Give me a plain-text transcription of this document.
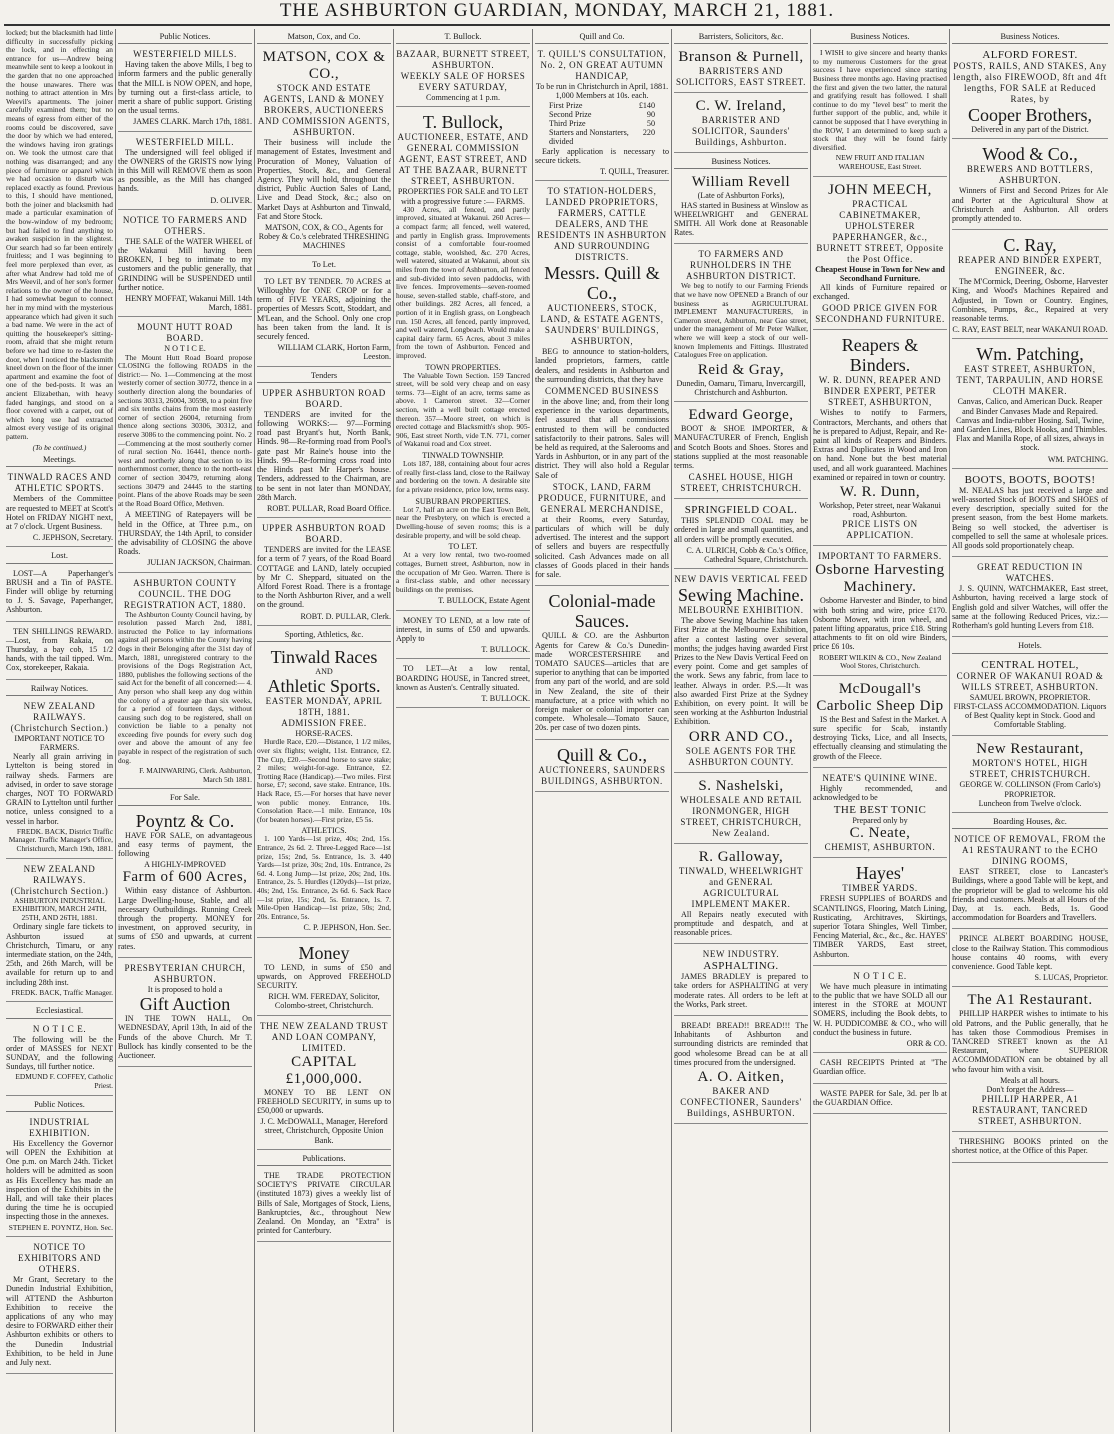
THE ASHBURTON GUARDIAN, MONDAY, MARCH 21, 1881.

locked; but the blacksmith had little difficulty in successfully picking the lock, and in effecting an entrance for us—Andrew being meanwhile sent to keep a lookout in the garden that no one approached the house unawares. There was nothing to attract attention in Mrs Weevil's apartments. The joiner carefully examined them; but no means of egress from either of the rooms could be discovered, save the door by which we had entered, the windows having iron gratings on. We took the utmost care that nothing was disarranged; and any piece of furniture or apparel which we had occasion to disturb was replaced exactly as found. Previous to this, I should have mentioned, both the joiner and blacksmith had made a particular examination of the bow-window of my bedroom; but had failed to find anything to awaken suspicion in the slightest. Our search had so far been entirely fruitless; and I was beginning to feel more perplexed than ever, as after what Andrew had told me of Mrs Weevil, and of her son's former relations to the owner of the house, I had somewhat begun to connect her in my mind with the mysterious appearance which had given it such a bad name. We were in the act of quitting the housekeeper's sitting-room, afraid that she might return before we had time to re-fasten the door, when I noticed the blacksmith kneel down on the floor of the inner apartment and examine the foot of one of the bed-posts. It was an ancient Elizabethan, with heavy faded hangings, and stood on a floor covered with a carpet, out of which long use had extracted almost every vestige of its original pattern.

(To be continued.)
Meetings.
TINWALD RACES AND ATHLETIC SPORTS.

Members of the Committee are requested to MEET at Scott's Hotel on FRIDAY NIGHT next, at 7 o'clock. Urgent Business.

C. JEPHSON, Secretary.
Lost.

LOST—A Paperhanger's BRUSH and a Tin of PASTE. Finder will oblige by returning to J. S. Savage, Paperhanger, Ashburton.

TEN SHILLINGS REWARD.—Lost, from Rakaia, on Thursday, a bay cob, 15 1/2 hands, with the tail tipped. Wm. Cox, storekeeper, Rakaia.

Railway Notices.
NEW ZEALAND RAILWAYS. (Christchurch Section.)
IMPORTANT NOTICE TO FARMERS.

Nearly all grain arriving in Lyttelton is being stored in railway sheds. Farmers are advised, in order to save storage charges, NOT TO FORWARD GRAIN to Lyttelton until further notice, unless consigned to a vessel in harbor.

FREDK. BACK, District Traffic Manager. Traffic Manager's Office, Christchurch, March 19th, 1881.
NEW ZEALAND RAILWAYS. (Christchurch Section.)
ASHBURTON INDUSTRIAL EXHIBITION, MARCH 24TH, 25TH, AND 26TH, 1881.

Ordinary single fare tickets to Ashburton issued at Christchurch, Timaru, or any intermediate station, on the 24th, 25th, and 26th March, will be available for return up to and including 28th inst.

FREDK. BACK, Traffic Manager.
Ecclesiastical.
N O T I C E.

The following will be the order of MASSES for NEXT SUNDAY, and the following Sundays, till further notice.

EDMUND F. COFFEY, Catholic Priest.
Public Notices.
INDUSTRIAL EXHIBITION.

His Excellency the Governor will OPEN the Exhibition at One p.m. on March 24th. Ticket holders will be admitted as soon as His Excellency has made an inspection of the Exhibits in the Hall, and will take their places during the time he is occupied inspecting those in the annexes.

STEPHEN E. POYNTZ, Hon. Sec.
NOTICE TO EXHIBITORS AND OTHERS.

Mr Grant, Secretary to the Dunedin Industrial Exhibition, will ATTEND the Ashburton Exhibition to receive the applications of any who may desire to FORWARD either their Ashburton exhibits or others to the Dunedin Industrial Exhibition, to be held in June and July next.

Public Notices.
WESTERFIELD MILLS.

Having taken the above Mills, I beg to inform farmers and the public generally that the MILL is NOW OPEN, and hope, by turning out a first-class article, to merit a share of public support. Gristing on the usual terms.

JAMES CLARK. March 17th, 1881.
WESTERFIELD MILL.

The undersigned will feel obliged if the OWNERS of the GRISTS now lying in this Mill will REMOVE them as soon as possible, as the Mill has changed hands.

D. OLIVER.
NOTICE TO FARMERS AND OTHERS.

THE SALE of the WATER WHEEL of the Wakanui Mill having been BROKEN, I beg to intimate to my customers and the public generally, that GRINDING will be SUSPENDED until further notice.

HENRY MOFFAT, Wakanui Mill. 14th March, 1881.
MOUNT HUTT ROAD BOARD.
N O T I C E.

The Mount Hutt Road Board propose CLOSING the following ROADS in the district:— No. 1—Commencing at the most westerly corner of section 30772, thence in a southerly direction along the boundaries of sections 30313, 26004, 30598, to a point five and six tenths chains from the most easterly corner of section 26004, returning from thence along sections 30306, 30312, and reserve 3086 to the commencing point. No. 2—Commencing at the most southerly corner of rural section No. 16441, thence north-west and northerly along that section to its northernmost corner, thence to the north-east corner of section 30479, returning along sections 30479 and 24445 to the starting point. Plans of the above Roads may be seen at the Road Board Office, Methven.

A MEETING of Ratepayers will be held in the Office, at Three p.m., on THURSDAY, the 14th April, to consider the advisability of CLOSING the above Roads.

JULIAN JACKSON, Chairman.
ASHBURTON COUNTY COUNCIL. THE DOG REGISTRATION ACT, 1880.

The Ashburton County Council having, by resolution passed March 2nd, 1881, instructed the Police to lay informations against all persons within the County having dogs in their Belonging after the 31st day of March, 1881, unregistered contrary to the provisions of the Dogs Registration Act, 1880, publishes the following sections of the said Act for the benefit of all concerned:— 4. Any person who shall keep any dog within the colony of a greater age than six weeks, for a period of fourteen days, without causing such dog to be registered, shall on conviction be liable to a penalty not exceeding five pounds for every such dog over and above the amount of any fee payable in respect of the registration of such dog.

F. MAINWARING, Clerk. Ashburton, March 5th 1881.
For Sale.
Poyntz & Co.

HAVE FOR SALE, on advantageous and easy terms of payment, the following

A HIGHLY-IMPROVED
Farm of 600 Acres,

Within easy distance of Ashburton. Large Dwelling-house, Stable, and all necessary Outbuildings. Running Creek through the property. MONEY for investment, on approved security, in sums of £50 and upwards, at current rates.

PRESBYTERIAN CHURCH, ASHBURTON.
It is proposed to hold a
Gift Auction

IN THE TOWN HALL, On WEDNESDAY, April 13th, In aid of the Funds of the above Church. Mr T. Bullock has kindly consented to be the Auctioneer.

Matson, Cox, and Co.
MATSON, COX & CO.,
STOCK AND ESTATE AGENTS, LAND & MONEY BROKERS, AUCTIONEERS AND COMMISSION AGENTS, ASHBURTON.

Their business will include the management of Estates, Investment and Procuration of Money, Valuation of Properties, Stock, &c., and General Agency. They will hold, throughout the district, Public Auction Sales of Land, Live and Dead Stock, &c.; also on Market Days at Ashburton and Tinwald, Fat and Store Stock.

MATSON, COX, & CO., Agents for Robey & Co.'s celebrated THRESHING MACHINES
To Let.

TO LET BY TENDER. 70 ACRES at Willoughby for ONE CROP or for a term of FIVE YEARS, adjoining the properties of Messrs Scott, Stoddart, and M'Lean, and the School. Only one crop has been taken from the land. It is securely fenced.

WILLIAM CLARK, Horton Farm, Leeston.
Tenders
UPPER ASHBURTON ROAD BOARD.

TENDERS are invited for the following WORKS:— 97—Forming road past Bryant's hut, North Bank, Hinds. 98—Re-forming road from Pool's gate past Mr Raine's house into the Hinds. 99—Re-forming cross road into the Hinds past Mr Harper's house. Tenders, addressed to the Chairman, are to be sent in not later than MONDAY, 28th March.

ROBT. PULLAR, Road Board Office.
UPPER ASHBURTON ROAD BOARD.

TENDERS are invited for the LEASE for a term of 7 years, of the Road Board COTTAGE and LAND, lately occupied by Mr C. Sheppard, situated on the Alford Forest Road. There is a frontage to the North Ashburton River, and a well on the ground.

ROBT. D. PULLAR, Clerk.
Sporting, Athletics, &c.
Tinwald Races
AND
Athletic Sports.
EASTER MONDAY, APRIL 18TH, 1881.
ADMISSION FREE.
HORSE-RACES.

Hurdle Race, £20.—Distance, 1 1/2 miles, over six flights; weight, 11st. Entrance, £2. The Cup, £20.—Second horse to save stake; 2 miles; weight-for-age. Entrance, £2. Trotting Race (Handicap).—Two miles. First horse, £7; second, save stake. Entrance, 10s. Hack Race, £5.—For horses that have never won public money. Entrance, 10s. Consolation Race.—1 mile. Entrance, 10s (for beaten horses).—First prize, £5 5s.

ATHLETICS.

1. 100 Yards—1st prize, 40s; 2nd, 15s. Entrance, 2s 6d. 2. Three-Legged Race—1st prize, 15s; 2nd, 5s. Entrance, 1s. 3. 440 Yards—1st prize, 30s; 2nd, 10s. Entrance, 2s 6d. 4. Long Jump—1st prize, 20s; 2nd, 10s. Entrance, 2s. 5. Hurdles (120yds)—1st prize, 40s; 2nd, 15s. Entrance, 2s 6d. 6. Sack Race—1st prize, 15s; 2nd, 5s. Entrance, 1s. 7. Mile-Open Handicap—1st prize, 50s; 2nd, 20s. Entrance, 5s.

C. P. JEPHSON, Hon. Sec.
Money

TO LEND, in sums of £50 and upwards, on Approved FREEHOLD SECURITY.

RICH. WM. FEREDAY, Solicitor, Colombo-street, Christchurch.
THE NEW ZEALAND TRUST AND LOAN COMPANY, LIMITED.
CAPITAL £1,000,000.

MONEY TO BE LENT ON FREEHOLD SECURITY, in sums up to £50,000 or upwards.

J. C. McDOWALL, Manager, Hereford street, Christchurch, Opposite Union Bank.
Publications.

THE TRADE PROTECTION SOCIETY'S PRIVATE CIRCULAR (instituted 1873) gives a weekly list of Bills of Sale, Mortgages of Stock, Liens, Bankruptcies, &c., throughout New Zealand. On Monday, an "Extra" is printed for Canterbury.

T. Bullock.
BAZAAR, BURNETT STREET, ASHBURTON.
WEEKLY SALE OF HORSES EVERY SATURDAY,
Commencing at 1 p.m.
T. Bullock,
AUCTIONEER, ESTATE, AND GENERAL COMMISSION AGENT, EAST STREET, AND AT THE BAZAAR, BURNETT STREET, ASHBURTON.
PROPERTIES FOR SALE and TO LET with a progressive future :— FARMS.

430 Acres, all fenced, and partly improved, situated at Wakanui. 260 Acres—a compact farm; all fenced, well watered, and partly in English grass. Improvements consist of a comfortable four-roomed cottage, stable, woolshed, &c. 270 Acres, well watered, situated at Wakanui, about six miles from the town of Ashburton, all fenced and sub-divided into seven paddocks, with live fences. Improvements—seven-roomed house, seven-stalled stable, chaff-store, and other buildings. 282 Acres, all fenced, a portion of it in English grass, on Longbeach run. 150 Acres, all fenced, partly improved, and well watered, Longbeach. Would make a capital dairy farm. 65 Acres, about 3 miles from the town of Ashburton. Fenced and improved.

TOWN PROPERTIES.

The Valuable Town Section. 159 Tancred street, will be sold very cheap and on easy terms. 73—Eight of an acre, terms same as above. 1 Cameron street. 32—Corner section, with a well built cottage erected thereon. 357—Moore street, on which is erected cottage and Blacksmith's shop. 905-906, East street North, vide T.N. 771, corner of Wakanui road and Cox street.

TINWALD TOWNSHIP.

Lots 187, 188, containing about four acres of really first-class land, close to the Railway and bordering on the town. A desirable site for a private residence, price low, terms easy.

SUBURBAN PROPERTIES.

Lot 7, half an acre on the East Town Belt, near the Presbytery, on which is erected a Dwelling-house of seven rooms; this is a desirable property, and will be sold cheap.

TO LET.

At a very low rental, two two-roomed cottages, Burnett street, Ashburton, now in the occupation of Mr Geo. Warren. There is a first-class stable, and other necessary buildings on the premises.

T. BULLOCK, Estate Agent

MONEY TO LEND, at a low rate of interest, in sums of £50 and upwards. Apply to

T. BULLOCK.

TO LET—At a low rental, BOARDING HOUSE, in Tancred street, known as Austen's. Centrally situated.

T. BULLOCK.
Quill and Co.
T. QUILL'S CONSULTATION, No. 2, ON GREAT AUTUMN HANDICAP,
To be run in Christchurch in April, 1881.
1,000 Members at 10s. each.
First Prize	£140
Second Prize	90
Third Prize	50
Starters and Nonstarters, divided
220

Early application is necessary to secure tickets.

T. QUILL, Treasurer.
TO STATION-HOLDERS, LANDED PROPRIETORS, FARMERS, CATTLE DEALERS, AND THE RESIDENTS IN ASHBURTON AND SURROUNDING DISTRICTS.
Messrs. Quill & Co.,
AUCTIONEERS, STOCK, LAND, & ESTATE AGENTS, SAUNDERS' BUILDINGS, ASHBURTON,

BEG to announce to station-holders, landed proprietors, farmers, cattle dealers, and residents in Ashburton and the surrounding districts, that they have

COMMENCED BUSINESS

in the above line; and, from their long experience in the various departments, feel assured that all commissions entrusted to them will be conducted satisfactorily to their patrons. Sales will be held as required, at the Salerooms and Yards in Ashburton, or in any part of the district. They will also hold a Regular Sale of

STOCK, LAND, FARM PRODUCE, FURNITURE, and GENERAL MERCHANDISE,

at their Rooms, every Saturday, particulars of which will be duly advertised. The interest and the support of sellers and buyers are respectfully solicited. Cash Advances made on all classes of Goods placed in their hands for sale.

Colonial-made Sauces.

QUILL & CO. are the Ashburton Agents for Carew & Co.'s Dunedin-made WORCESTERSHIRE and TOMATO SAUCES—articles that are superior to anything that can be imported from any part of the world, and are sold in New Zealand, the site of their manufacture, at a price with which no foreign maker or colonial importer can compete. Wholesale—Tomato Sauce, 20s. per case of two dozen pints.

Quill & Co.,
AUCTIONEERS, SAUNDERS BUILDINGS, ASHBURTON.
Barristers, Solicitors, &c.
Branson & Purnell,
BARRISTERS AND SOLICITORS, EAST STREET.
C. W. Ireland,
BARRISTER AND SOLICITOR, Saunders' Buildings, Ashburton.
Business Notices.
William Revell
(Late of Ashburton Forks),

HAS started in Business at Winslow as WHEELWRIGHT and GENERAL SMITH. All Work done at Reasonable Rates.

TO FARMERS AND RUNHOLDERS IN THE ASHBURTON DISTRICT.

We beg to notify to our Farming Friends that we have now OPENED a Branch of our business as AGRICULTURAL IMPLEMENT MANUFACTURERS, in Cameron street, Ashburton, near Gao street, under the management of Mr Peter Walker, where we will keep a stock of our well-known Implements and Fittings. Illustrated Catalogues Free on application.

Reid & Gray,
Dunedin, Oamaru, Timaru, Invercargill, Christchurch and Ashburton.
Edward George,

BOOT & SHOE IMPORTER, & MANUFACTURER of French, English and Scotch Boots and Shoes. Stores and stations supplied at the most reasonable terms.

CASHEL HOUSE, HIGH STREET, CHRISTCHURCH.
SPRINGFIELD COAL.

THIS SPLENDID COAL may be ordered in large and small quantities, and all orders will be promptly executed.

C. A. ULRICH, Cobb & Co.'s Office, Cathedral Square, Christchurch.
NEW DAVIS VERTICAL FEED
Sewing Machine.
MELBOURNE EXHIBITION.

The above Sewing Machine has taken First Prize at the Melbourne Exhibition, after a contest lasting over several months; the judges having awarded First Prizes to the New Davis Vertical Feed on every point. Come and get samples of the work. Sews any fabric, from lace to leather. Always in order. P.S.—It was also awarded First Prize at the Sydney Exhibition, on every point. It will be seen working at the Ashburton Industrial Exhibition.

ORR AND CO.,
SOLE AGENTS FOR THE ASHBURTON COUNTY.
S. Nashelski,
WHOLESALE AND RETAIL IRONMONGER, HIGH STREET, CHRISTCHURCH, New Zealand.
R. Galloway,
TINWALD, WHEELWRIGHT and GENERAL AGRICULTURAL IMPLEMENT MAKER.

All Repairs neatly executed with promptitude and despatch, and at reasonable prices.

NEW INDUSTRY.
ASPHALTING.

JAMES BRADLEY is prepared to take orders for ASPHALTING at very moderate rates. All orders to be left at the Works, Park street.

BREAD! BREAD!! BREAD!!! The Inhabitants of Ashburton and surrounding districts are reminded that good wholesome Bread can be at all times procured from the undersigned.

A. O. Aitken,
BAKER AND CONFECTIONER, Saunders' Buildings, ASHBURTON.
Business Notices.

I WISH to give sincere and hearty thanks to my numerous Customers for the great success I have experienced since starting Business three months ago. Having practised the first and given the two latter, the natural and gratifying result has followed. I shall continue to do my "level best" to merit the further support of the public, and, while it cannot be supposed that I have everything in the ROW, I am determined to keep such a stock that they will be found fairly diversified.

NEW FRUIT AND ITALIAN WAREHOUSE, East Street.
JOHN MEECH,
PRACTICAL CABINETMAKER, UPHOLSTERER PAPERHANGER, &c., BURNETT STREET, Opposite the Post Office.
Cheapest House in Town for New and Secondhand Furniture.

All kinds of Furniture repaired or exchanged.

GOOD PRICE GIVEN FOR SECONDHAND FURNITURE.
Reapers & Binders.
W. R. DUNN, REAPER AND BINDER EXPERT, PETER STREET, ASHBURTON,

Wishes to notify to Farmers, Contractors, Merchants, and others that he is prepared to Adjust, Repair, and Re-paint all kinds of Reapers and Binders. Extras and Duplicates in Wood and Iron on hand. None but the best material used, and all work guaranteed. Machines examined or repaired in town or country.

W. R. Dunn,
Workshop, Peter street, near Wakanui road, Ashburton.
PRICE LISTS ON APPLICATION.
IMPORTANT TO FARMERS.
Osborne Harvesting Machinery.

Osborne Harvester and Binder, to bind with both string and wire, price £170. Osborne Mower, with iron wheel, and patent lifting apparatus, price £18. String attachments to fit on old wire Binders, price £6 10s.

ROBERT WILKIN & CO., New Zealand Wool Stores, Christchurch.
McDougall's Carbolic Sheep Dip

IS the Best and Safest in the Market. A sure specific for Scab, instantly destroying Ticks, Lice, and all Insects, effectually cleansing and stimulating the growth of the Fleece.

NEATE'S QUININE WINE.

Highly recommended, and acknowledged to be

THE BEST TONIC
Prepared only by
C. Neate,
CHEMIST, ASHBURTON.
Hayes'
TIMBER YARDS.

FRESH SUPPLIES of BOARDS and SCANTLINGS, Flooring, Match Lining, Rusticating, Architraves, Skirtings, superior Totara Shingles, Well Timber, Fencing Material, &c., &c., &c. HAYES' TIMBER YARDS, East street, Ashburton.

N O T I C E.

We have much pleasure in intimating to the public that we have SOLD all our interest in the STORE at MOUNT SOMERS, including the Book debts, to W. H. PUDDICOMBE & CO., who will conduct the business in future.

ORR & CO.

CASH RECEIPTS Printed at "The Guardian office.

WASTE PAPER for Sale, 3d. per lb at the GUARDIAN Office.

Business Notices.
ALFORD FOREST.
POSTS, RAILS, AND STAKES, Any length, also FIREWOOD, 8ft and 4ft lengths, FOR SALE at Reduced Rates, by
Cooper Brothers,
Delivered in any part of the District.
Wood & Co.,
BREWERS AND BOTTLERS, ASHBURTON.

Winners of First and Second Prizes for Ale and Porter at the Agricultural Show at Christchurch and Ashburton. All orders promptly attended to.

C. Ray,
REAPER AND BINDER EXPERT, ENGINEER, &c.

The M'Cormick, Deering, Osborne, Harvester King, and Wood's Machines Repaired and Adjusted, in Town or Country. Engines, Combines, Pumps, &c., Repaired at very reasonable terms.

C. RAY, EAST BELT, near WAKANUI ROAD.
Wm. Patching,
EAST STREET, ASHBURTON, TENT, TARPAULIN, AND HORSE CLOTH MAKER.

Canvas, Calico, and American Duck. Reaper and Binder Canvases Made and Repaired. Canvas and India-rubber Hosing. Sail, Twine, and Garden Lines, Block Hooks, and Thimbles. Flax and Manilla Rope, of all sizes, always in stock.

WM. PATCHING.
BOOTS, BOOTS, BOOTS!

M. NEALAS has just received a large and well-assorted Stock of BOOTS and SHOES of every description, specially suited for the present season, from the best Home markets. Being so well stocked, the advertiser is compelled to sell the same at wholesale prices. All goods sold proportionately cheap.

GREAT REDUCTION IN WATCHES.

J. S. QUINN, WATCHMAKER, East street, Ashburton, having received a large stock of English gold and silver Watches, will offer the same at the following Reduced Prices, viz.:—Rotherham's gold hunting Levers from £18.

Hotels.
CENTRAL HOTEL,
CORNER OF WAKANUI ROAD & WILLS STREET, ASHBURTON.
SAMUEL BROWN, PROPRIETOR.

FIRST-CLASS ACCOMMODATION. Liquors of Best Quality kept in Stock. Good and Comfortable Stabling.

New Restaurant,
MORTON'S HOTEL, HIGH STREET, CHRISTCHURCH.
GEORGE W. COLLINSON (From Carlo's) PROPRIETOR.
Luncheon from Twelve o'clock.
Boarding Houses, &c.
NOTICE OF REMOVAL, FROM the A1 RESTAURANT to the ECHO DINING ROOMS,

EAST STREET, close to Lancaster's Buildings, where a good Table will be kept, and the proprietor will be glad to welcome his old friends and customers. Meals at all Hours of the Day, at 1s. each. Beds, 1s. Good accommodation for Boarders and Travellers.

PRINCE ALBERT BOARDING HOUSE, close to the Railway Station. This commodious house contains 40 rooms, with every convenience. Good Table kept.

S. LUCAS, Proprietor.
The A1 Restaurant.

PHILLIP HARPER wishes to intimate to his old Patrons, and the Public generally, that he has taken those Commodious Premises in TANCRED STREET known as the A1 Restaurant, where SUPERIOR ACCOMMODATION can be obtained by all who favour him with a visit.

Meals at all hours.
Don't forget the Address—
PHILLIP HARPER, A1 RESTAURANT, TANCRED STREET, ASHBURTON.

THRESHING BOOKS printed on the shortest notice, at the Office of this Paper.
